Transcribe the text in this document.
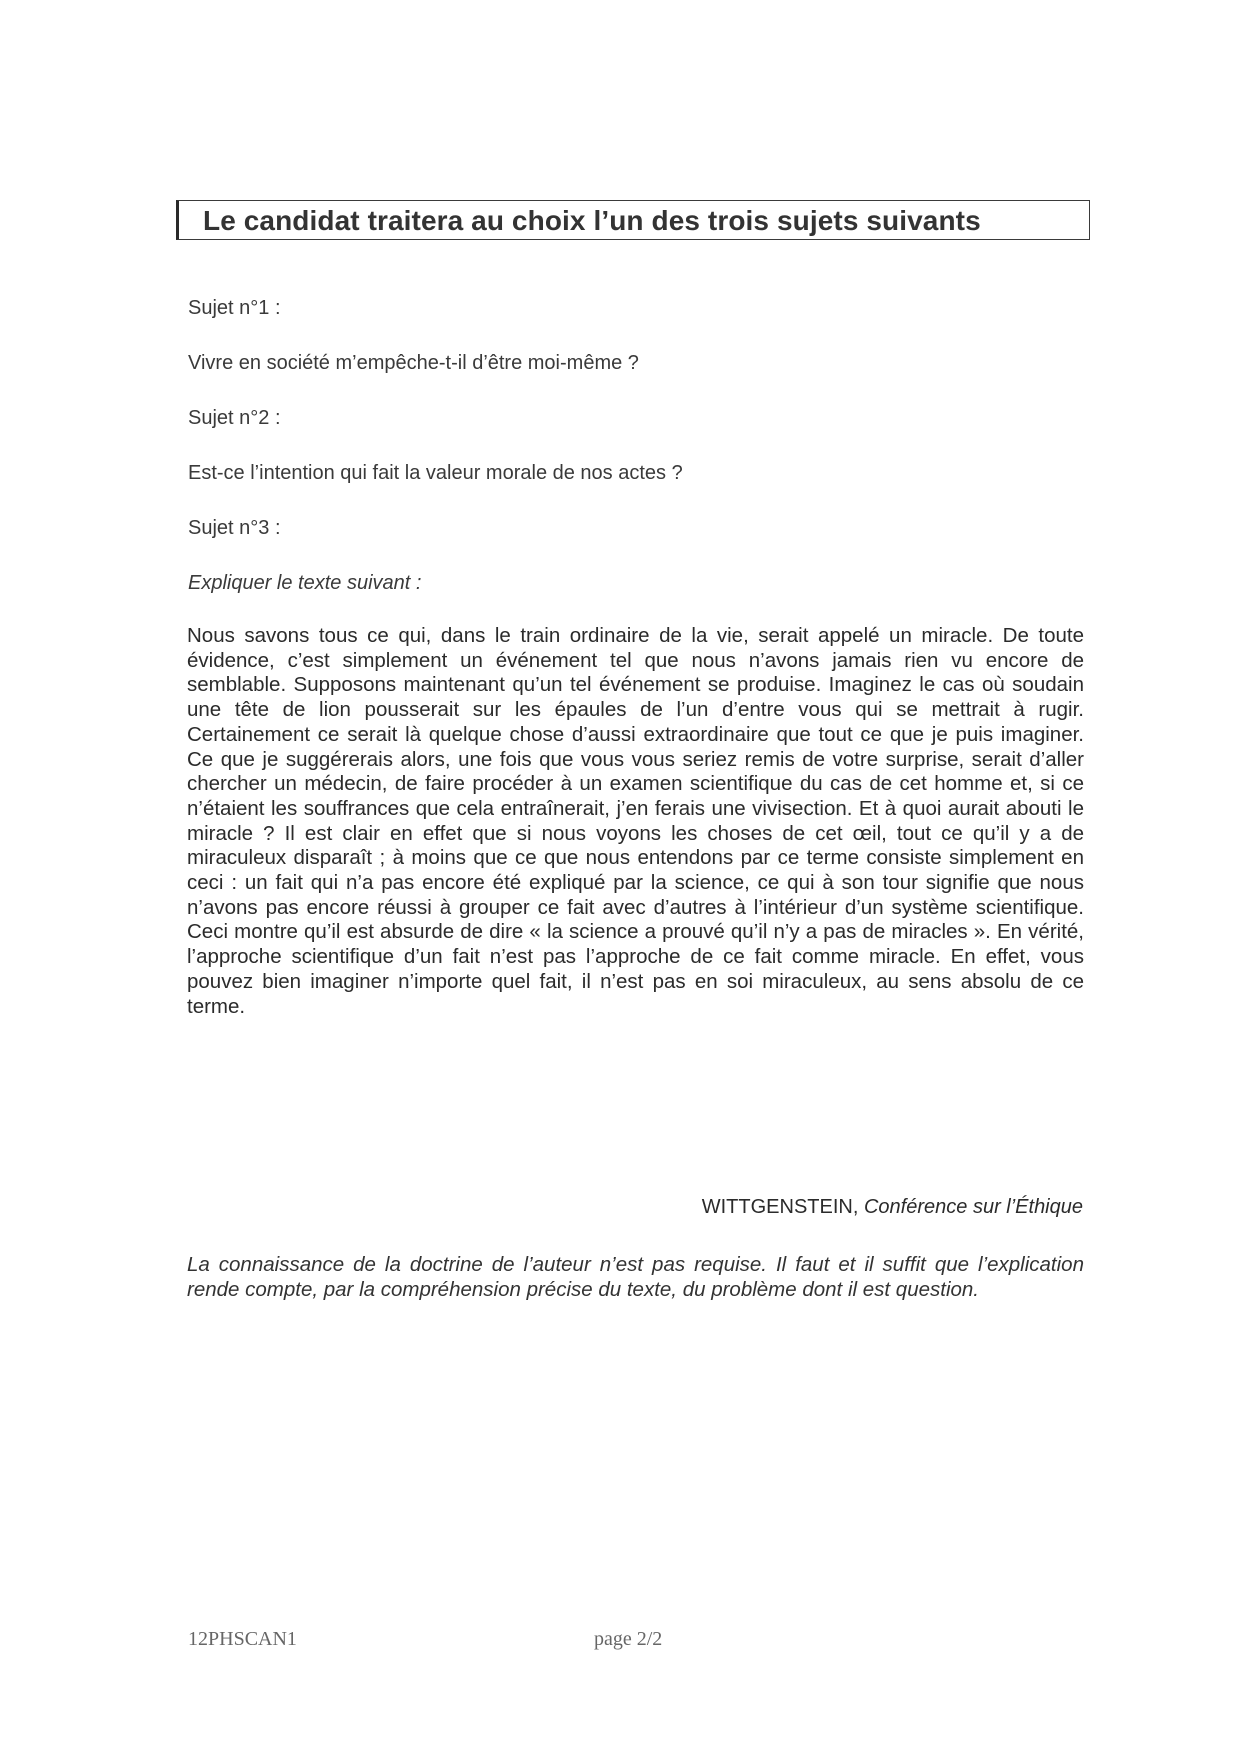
Le candidat traitera au choix l’un des trois sujets suivants
Sujet n°1 :
Vivre en société m’empêche-t-il d’être moi-même ?
Sujet n°2 :
Est-ce l’intention qui fait la valeur morale de nos actes ?
Sujet n°3 :
Expliquer le texte suivant :
Nous savons tous ce qui, dans le train ordinaire de la vie, serait appelé un miracle. De toute évidence, c’est simplement un événement tel que nous n’avons jamais rien vu encore de semblable. Supposons maintenant qu’un tel événement se produise. Imaginez le cas où soudain une tête de lion pousserait sur les épaules de l’un d’entre vous qui se mettrait à rugir. Certainement ce serait là quelque chose d’aussi extraordinaire que tout ce que je puis imaginer. Ce que je suggérerais alors, une fois que vous vous seriez remis de votre surprise, serait d’aller chercher un médecin, de faire procéder à un examen scientifique du cas de cet homme et, si ce n’étaient les souffrances que cela entraînerait, j’en ferais une vivisection. Et à quoi aurait abouti le miracle ? Il est clair en effet que si nous voyons les choses de cet œil, tout ce qu’il y a de miraculeux disparaît ; à moins que ce que nous entendons par ce terme consiste simplement en ceci : un fait qui n’a pas encore été expliqué par la science, ce qui à son tour signifie que nous n’avons pas encore réussi à grouper ce fait avec d’autres à l’intérieur d’un système scientifique. Ceci montre qu’il est absurde de dire « la science a prouvé qu’il n’y a pas de miracles ». En vérité, l’approche scientifique d’un fait n’est pas l’approche de ce fait comme miracle. En effet, vous pouvez bien imaginer n’importe quel fait, il n’est pas en soi miraculeux, au sens absolu de ce terme.
WITTGENSTEIN, Conférence sur l’Éthique
La connaissance de la doctrine de l’auteur n’est pas requise. Il faut et il suffit que l’explication rende compte, par la compréhension précise du texte, du problème dont il est question.
12PHSCAN1	page 2/2
